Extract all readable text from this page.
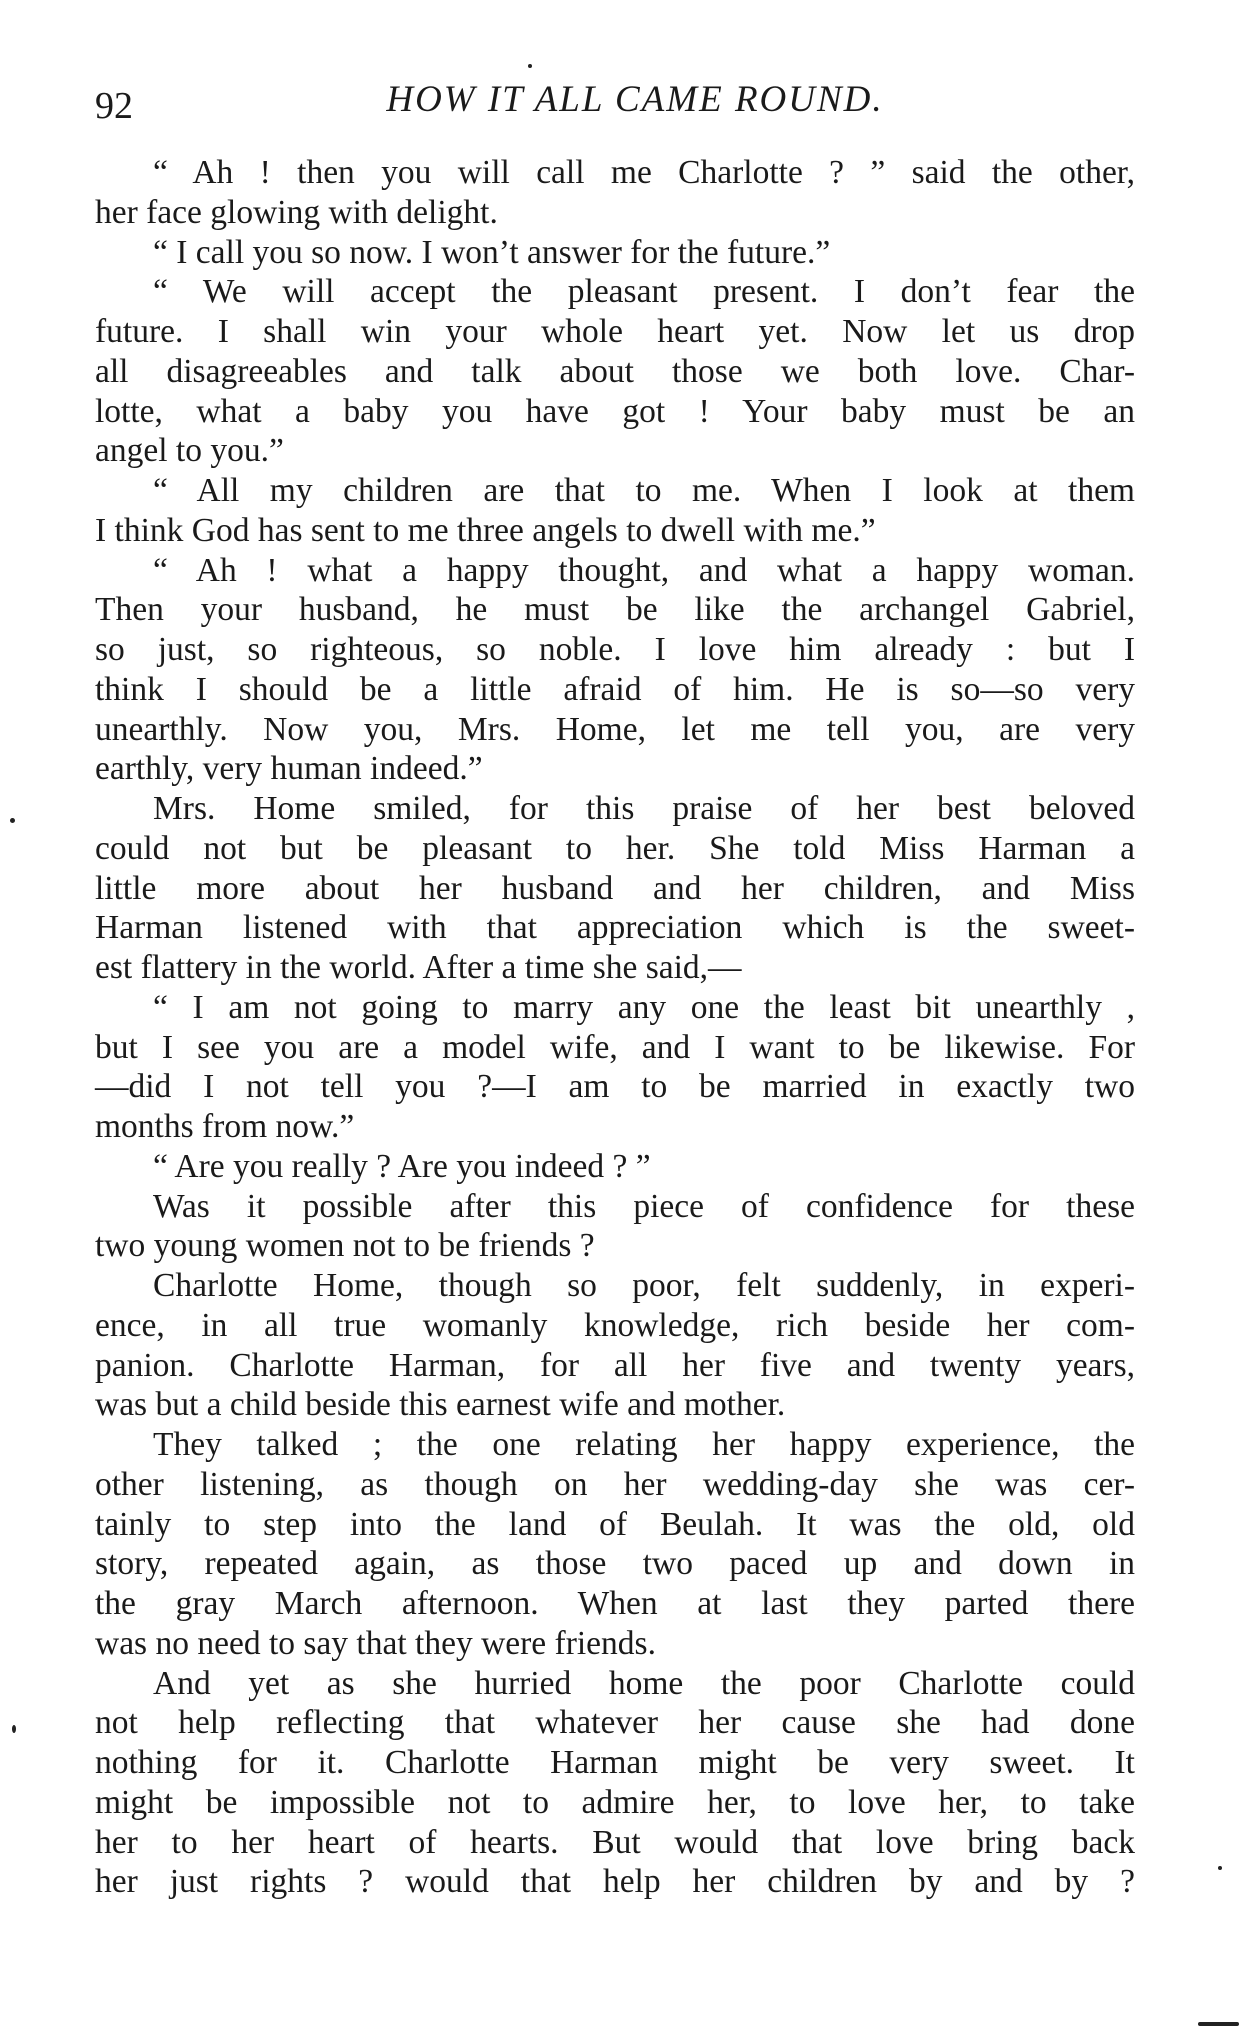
92	HOW IT ALL CAME ROUND.
“ Ah ! then you will call me Charlotte ? ” said the other,
her face glowing with delight.
“ I call you so now. I won’t answer for the future.”
“ We will accept the pleasant present. I don’t fear the
future. I shall win your whole heart yet. Now let us drop
all disagreeables and talk about those we both love. Char-
lotte, what a baby you have got ! Your baby must be an
angel to you.”
“ All my children are that to me. When I look at them
I think God has sent to me three angels to dwell with me.”
“ Ah ! what a happy thought, and what a happy woman.
Then your husband, he must be like the archangel Gabriel,
so just, so righteous, so noble. I love him already : but I
think I should be a little afraid of him. He is so—so very
unearthly. Now you, Mrs. Home, let me tell you, are very
earthly, very human indeed.”
Mrs. Home smiled, for this praise of her best beloved
could not but be pleasant to her. She told Miss Harman a
little more about her husband and her children, and Miss
Harman listened with that appreciation which is the sweet-
est flattery in the world. After a time she said,—
“ I am not going to marry any one the least bit unearthly ,
but I see you are a model wife, and I want to be likewise. For
—did I not tell you ?—I am to be married in exactly two
months from now.”
“ Are you really ? Are you indeed ? ”
Was it possible after this piece of confidence for these
two young women not to be friends ?
Charlotte Home, though so poor, felt suddenly, in experi-
ence, in all true womanly knowledge, rich beside her com-
panion. Charlotte Harman, for all her five and twenty years,
was but a child beside this earnest wife and mother.
They talked ; the one relating her happy experience, the
other listening, as though on her wedding-day she was cer-
tainly to step into the land of Beulah. It was the old, old
story, repeated again, as those two paced up and down in
the gray March afternoon. When at last they parted there
was no need to say that they were friends.
And yet as she hurried home the poor Charlotte could
not help reflecting that whatever her cause she had done
nothing for it. Charlotte Harman might be very sweet. It
might be impossible not to admire her, to love her, to take
her to her heart of hearts. But would that love bring back
her just rights ? would that help her children by and by ?
